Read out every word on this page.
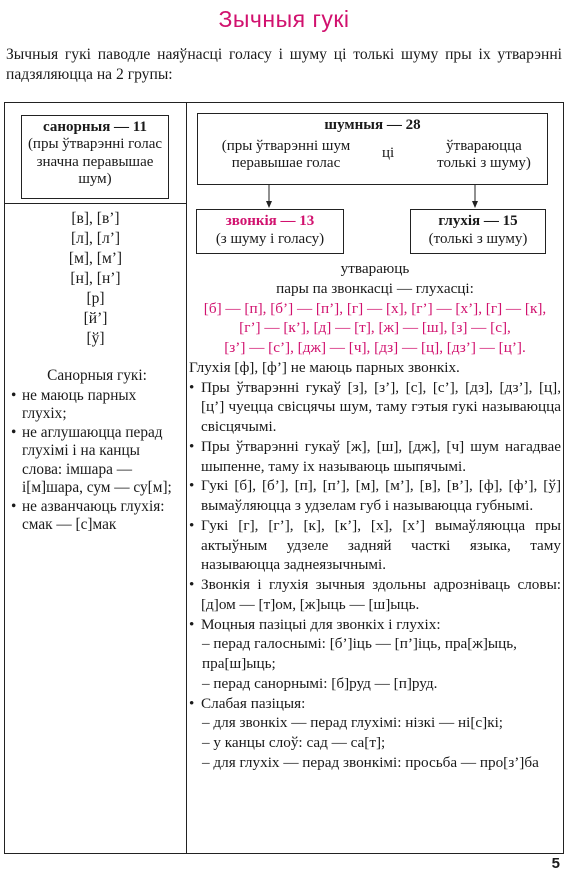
Зычныя гукі
Зычныя гукі паводле наяўнасці голасу і шуму ці толькі шуму пры іх утварэнні падзяляюцца на 2 групы:
санорныя — 11
(пры ўтварэнні голас значна перавышае шум)
[в], [в’]
[л], [л’]
[м], [м’]
[н], [н’]
[р]
[й’]
[ў]
Санорныя гукі:
• не маюць парных глухіх;
• не аглушаюцца перад глухімі і на канцы слова: імшара — і[м]шара, сум — су[м];
• не азванчаюць глухія: смак — [с]мак
шумныя — 28
(пры ўтварэнні шум перавышае голас
ці	ўтвараюцца толькі з шуму)
звонкія — 13
(з шуму і голасу)
глухія — 15
(толькі з шуму)
утвараюць
пары па звонкасці — глухасці:
[б] — [п], [б’] — [п’], [г] — [х], [г’] — [х’], [г] — [к],
[г’] — [к’], [д] — [т], [ж] — [ш], [з] — [с],
[з’] — [с’], [дж] — [ч], [дз] — [ц], [дз’] — [ц’].
Глухія [ф], [ф’] не маюць парных звонкіх.
• Пры ўтварэнні гукаў [з], [з’], [с], [с’], [дз], [дз’], [ц], [ц’] чуецца свісцячы шум, таму гэтыя гукі называюцца свісцячымі.
• Пры ўтварэнні гукаў [ж], [ш], [дж], [ч] шум нагадвае шыпенне, таму іх называюць шыпячымі.
• Гукі [б], [б’], [п], [п’], [м], [м’], [в], [в’], [ф], [ф’], [ў] вымаўляюцца з удзелам губ і называюцца губнымі.
• Гукі [г], [г’], [к], [к’], [х], [х’] вымаўляюцца пры актыўным удзеле задняй часткі языка, таму называюцца заднеязычнымі.
• Звонкія і глухія зычныя здольны адрозніваць словы: [д]ом — [т]ом, [ж]ыць — [ш]ыць.
• Моцныя пазіцыі для звонкіх і глухіх:
– перад галоснымі: [б’]іць — [п’]іць, пра[ж]ыць, пра[ш]ыць;
– перад санорнымі: [б]руд — [п]руд.
• Слабая пазіцыя:
– для звонкіх — перад глухімі: нізкі — ні[с]кі;
– у канцы слоў: сад — са[т];
– для глухіх — перад звонкімі: просьба — про[з’]ба
5
